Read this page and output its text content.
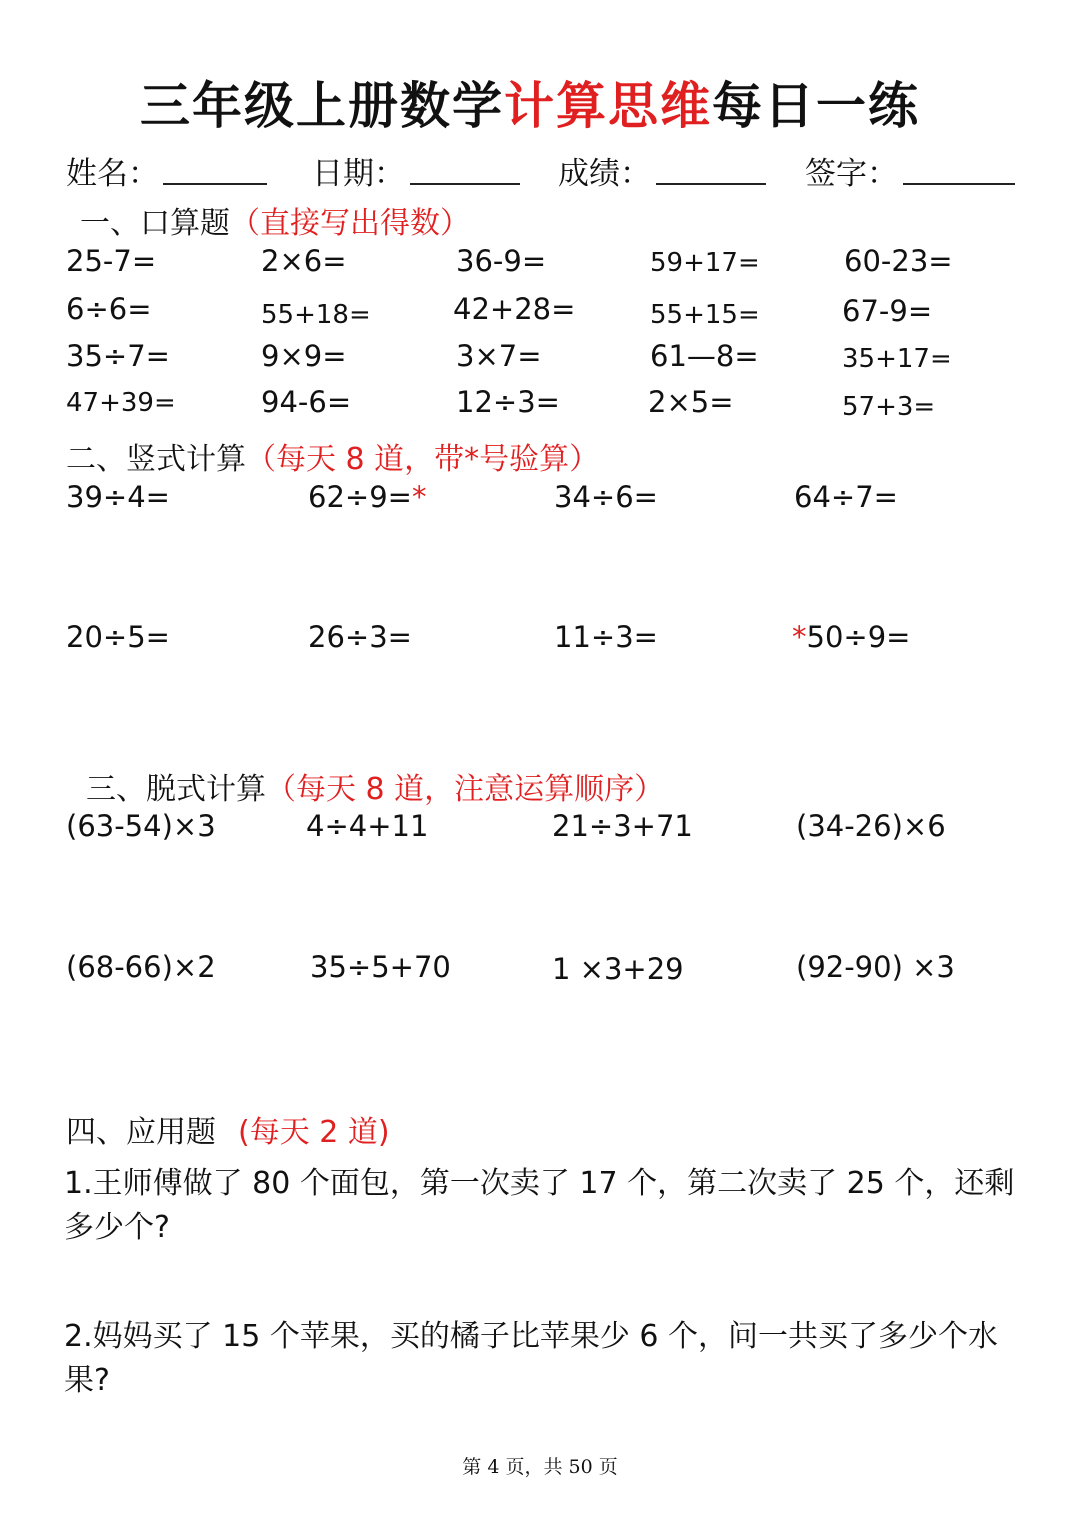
三年级上册数学计算思维每日一练
姓名：	日期：	成绩：	签字：
一、口算题（直接写出得数）
25-7=	2×6=	36-9=	59+17=	60-23=
6÷6=	55+18=	42+28=	55+15=	67-9=
35÷7=	9×9=	3×7=	61—8=	35+17=
47+39=	94-6=	12÷3=	2×5=	57+3=
二、竖式计算（每天 8 道，带*号验算）
39÷4=	62÷9=*	34÷6=	64÷7=
20÷5=	26÷3=	11÷3=	*50÷9=
三、脱式计算（每天 8 道，注意运算顺序）
(63-54)×3	4÷4+11	21÷3+71	(34-26)×6
(68-66)×2	35÷5+70	1 ×3+29	(92-90) ×3
四、应用题 (每天 2 道)
1.王师傅做了 80 个面包，第一次卖了 17 个，第二次卖了 25 个，还剩多少个?
2.妈妈买了 15 个苹果，买的橘子比苹果少 6 个，问一共买了多少个水果?
第 4 页，共 50 页
